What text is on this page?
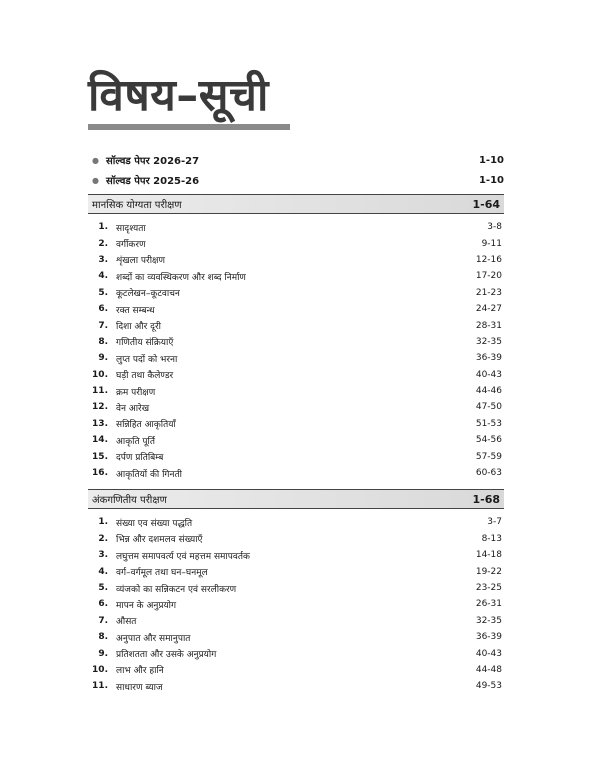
विषय–सूची
● सॉल्वड पेपर 2026-27	1-10
● सॉल्वड पेपर 2025-26	1-10
मानसिक योग्यता परीक्षण	1-64
1. सादृश्यता	3-8
2. वर्गीकरण	9-11
3. शृंखला परीक्षण	12-16
4. शब्दों का व्यवस्थिकरण और शब्द निर्माण	17-20
5. कूटलेखन–कूटवाचन	21-23
6. रक्त सम्बन्ध	24-27
7. दिशा और दूरी	28-31
8. गणितीय संक्रियाएँ	32-35
9. लुप्त पदों को भरना	36-39
10. घड़ी तथा कैलेण्डर	40-43
11. क्रम परीक्षण	44-46
12. वेन आरेख	47-50
13. सन्निहित आकृतियाँ	51-53
14. आकृति पूर्ति	54-56
15. दर्पण प्रतिबिम्ब	57-59
16. आकृतियों की गिनती	60-63
अंकगणितीय परीक्षण	1-68
1. संख्या एव संख्या पद्धति	3-7
2. भिन्न और दशमलव संख्याएँ	8-13
3. लघुत्तम समापवर्त्य एवं महत्तम समापवर्तक	14-18
4. वर्ग–वर्गमूल तथा घन–घनमूल	19-22
5. व्यंजको का सन्निकटन एवं सरलीकरण	23-25
6. मापन के अनुप्रयोग	26-31
7. औसत	32-35
8. अनुपात और समानुपात	36-39
9. प्रतिशतता और उसके अनुप्रयोग	40-43
10. लाभ और हानि	44-48
11. साधारण ब्याज	49-53
